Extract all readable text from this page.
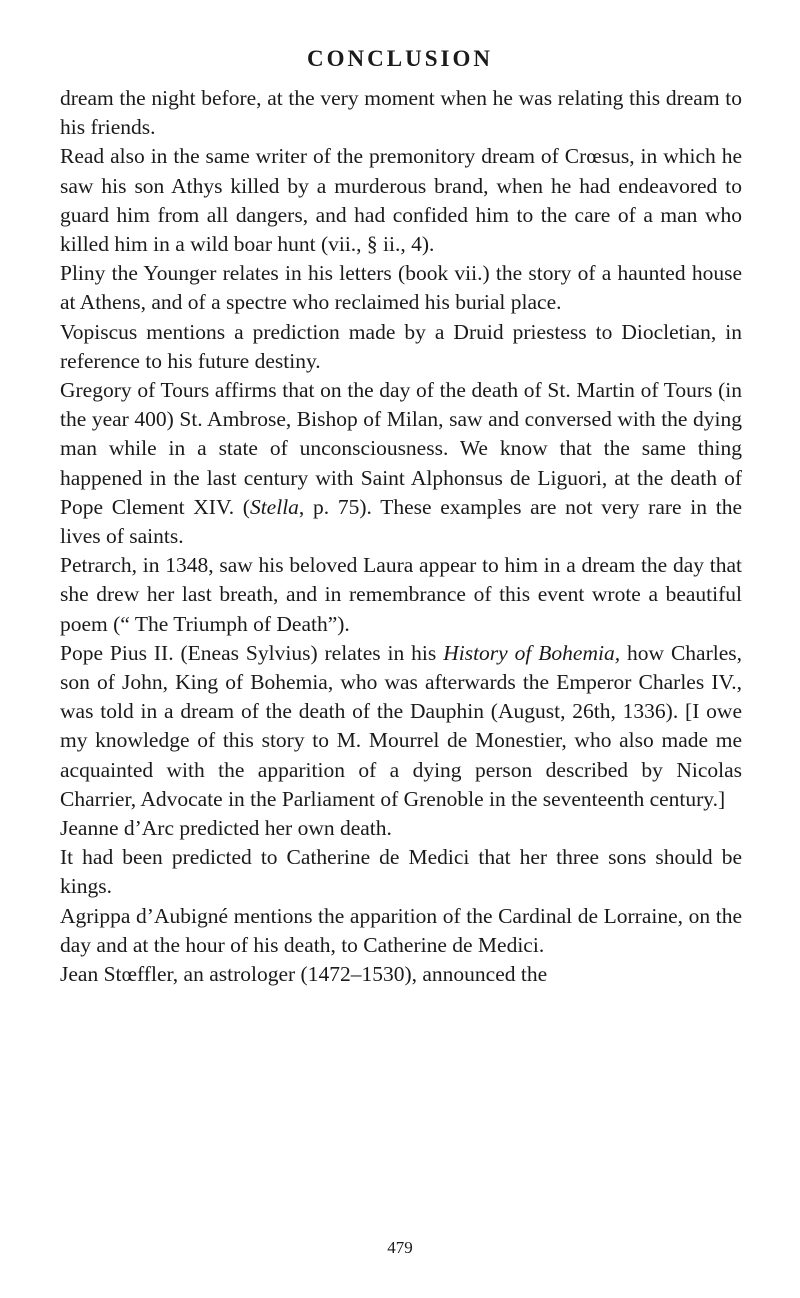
CONCLUSION

dream the night before, at the very moment when he was relating this dream to his friends.

Read also in the same writer of the premonitory dream of Crœsus, in which he saw his son Athys killed by a murderous brand, when he had endeavored to guard him from all dangers, and had confided him to the care of a man who killed him in a wild boar hunt (vii., § ii., 4).

Pliny the Younger relates in his letters (book vii.) the story of a haunted house at Athens, and of a spectre who reclaimed his burial place.

Vopiscus mentions a prediction made by a Druid priestess to Diocletian, in reference to his future destiny.

Gregory of Tours affirms that on the day of the death of St. Martin of Tours (in the year 400) St. Ambrose, Bishop of Milan, saw and conversed with the dying man while in a state of unconsciousness. We know that the same thing happened in the last century with Saint Alphonsus de Liguori, at the death of Pope Clement XIV. (Stella, p. 75). These examples are not very rare in the lives of saints.

Petrarch, in 1348, saw his beloved Laura appear to him in a dream the day that she drew her last breath, and in remembrance of this event wrote a beautiful poem (“ The Triumph of Death”).

Pope Pius II. (Eneas Sylvius) relates in his History of Bohemia, how Charles, son of John, King of Bohemia, who was afterwards the Emperor Charles IV., was told in a dream of the death of the Dauphin (August, 26th, 1336). [I owe my knowledge of this story to M. Mourrel de Monestier, who also made me acquainted with the apparition of a dying person described by Nicolas Charrier, Advocate in the Parliament of Grenoble in the seventeenth century.]

Jeanne d’Arc predicted her own death.

It had been predicted to Catherine de Medici that her three sons should be kings.

Agrippa d’Aubigné mentions the apparition of the Cardinal de Lorraine, on the day and at the hour of his death, to Catherine de Medici.

Jean Stœffler, an astrologer (1472–1530), announced the

479
